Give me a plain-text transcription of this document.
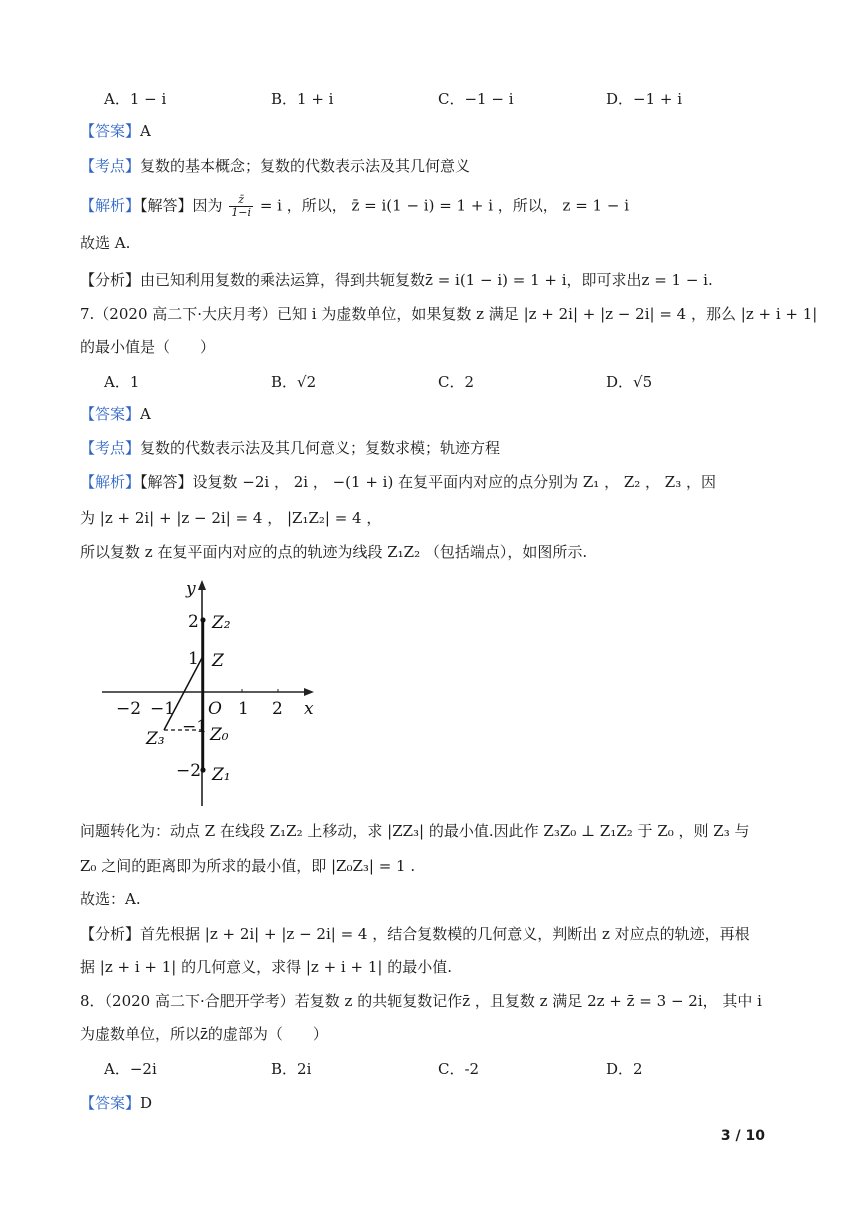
A．1 − i	B．1 + i	C．−1 − i	D．−1 + i
【答案】A
【考点】复数的基本概念；复数的代数表示法及其几何意义
【解析】【解答】因为 $\frac{z̄}{1-i} = i$ ，所以， z̄ = i(1 − i) = 1 + i ，所以， z = 1 − i
故选 A.
【分析】由已知利用复数的乘法运算，得到共轭复数z̄ = i(1 − i) = 1 + i，即可求出z = 1 − i.
7.（2020 高二下·大庆月考）已知 i 为虚数单位，如果复数 z 满足 |z + 2i| + |z − 2i| = 4 ，那么 |z + i + 1|
的最小值是（　　）
A．1	B．√2	C．2	D．√5
【答案】A
【考点】复数的代数表示法及其几何意义；复数求模；轨迹方程
【解析】【解答】设复数 −2i ， 2i ， −(1 + i) 在复平面内对应的点分别为 Z₁ ， Z₂ ， Z₃ ，因
为 |z + 2i| + |z − 2i| = 4 ， |Z₁Z₂| = 4 ，
所以复数 z 在复平面内对应的点的轨迹为线段 Z₁Z₂ （包括端点），如图所示.
y
x
O
−2 −1	1 2
2
1
−1
−2
Z₂
Z
Z₀
Z₁
Z₃
问题转化为：动点 Z 在线段 Z₁Z₂ 上移动，求 |ZZ₃| 的最小值.因此作 Z₃Z₀ ⊥ Z₁Z₂ 于 Z₀ ，则 Z₃ 与
Z₀ 之间的距离即为所求的最小值，即 |Z₀Z₃| = 1 .
故选：A.
【分析】首先根据 |z + 2i| + |z − 2i| = 4 ，结合复数模的几何意义，判断出 z 对应点的轨迹，再根
据 |z + i + 1| 的几何意义，求得 |z + i + 1| 的最小值.
8．（2020 高二下·合肥开学考）若复数 z 的共轭复数记作z̄ ，且复数 z 满足 2z + z̄ = 3 − 2i， 其中 i
为虚数单位，所以z̄的虚部为（　　）
A．−2i	B．2i	C．-2	D．2
【答案】D
3 / 10
